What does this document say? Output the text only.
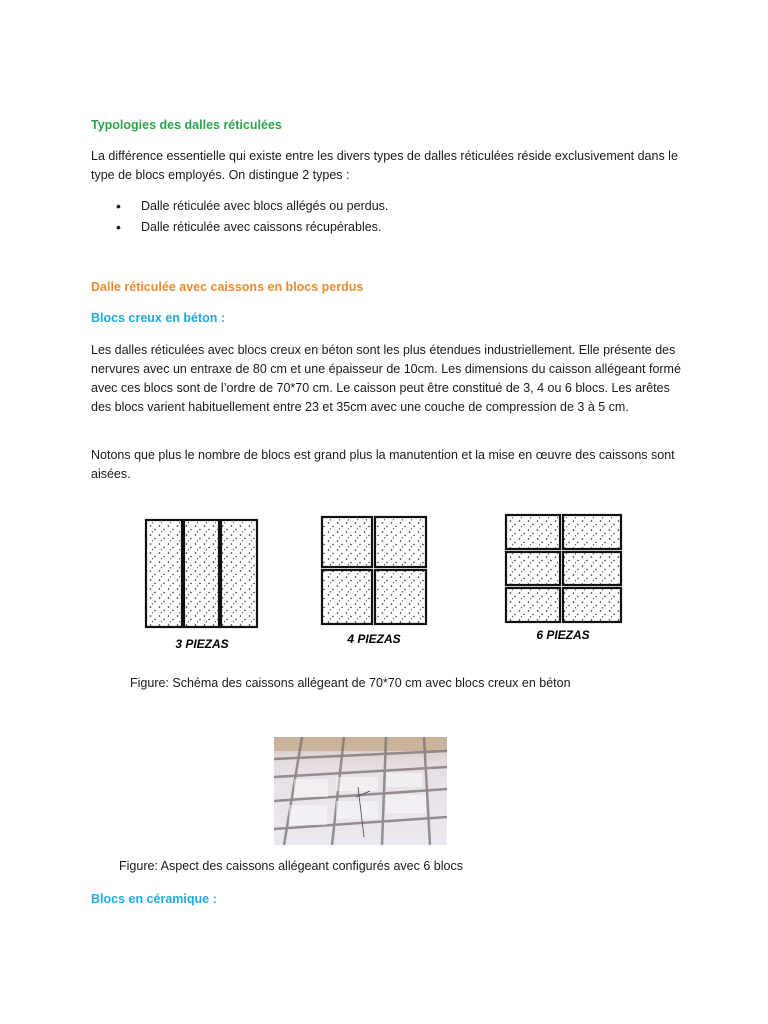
Typologies des dalles réticulées

La différence essentielle qui existe entre les divers types de dalles réticulées réside exclusivement dans le type de blocs employés. On distingue 2 types :

• Dalle réticulée avec blocs allégés ou perdus.
• Dalle réticulée avec caissons récupérables.
Dalle réticulée avec caissons en blocs perdus
Blocs creux en béton :

Les dalles réticulées avec blocs creux en béton sont les plus étendues industriellement. Elle présente des nervures avec un entraxe de 80 cm et une épaisseur de 10cm. Les dimensions du caisson allégeant formé avec ces blocs sont de l’ordre de 70*70 cm. Le caisson peut être constitué de 3, 4 ou 6 blocs. Les arêtes des blocs varient habituellement entre 23 et 35cm avec une couche de compression de 3 à 5 cm.

Notons que plus le nombre de blocs est grand plus la manutention et la mise en œuvre des caissons sont aisées.

3 PIEZAS	4 PIEZAS	6 PIEZAS
Figure: Schéma des caissons allégeant de 70*70 cm avec blocs creux en béton
Figure: Aspect des caissons allégeant configurés avec 6 blocs
Blocs en céramique :
